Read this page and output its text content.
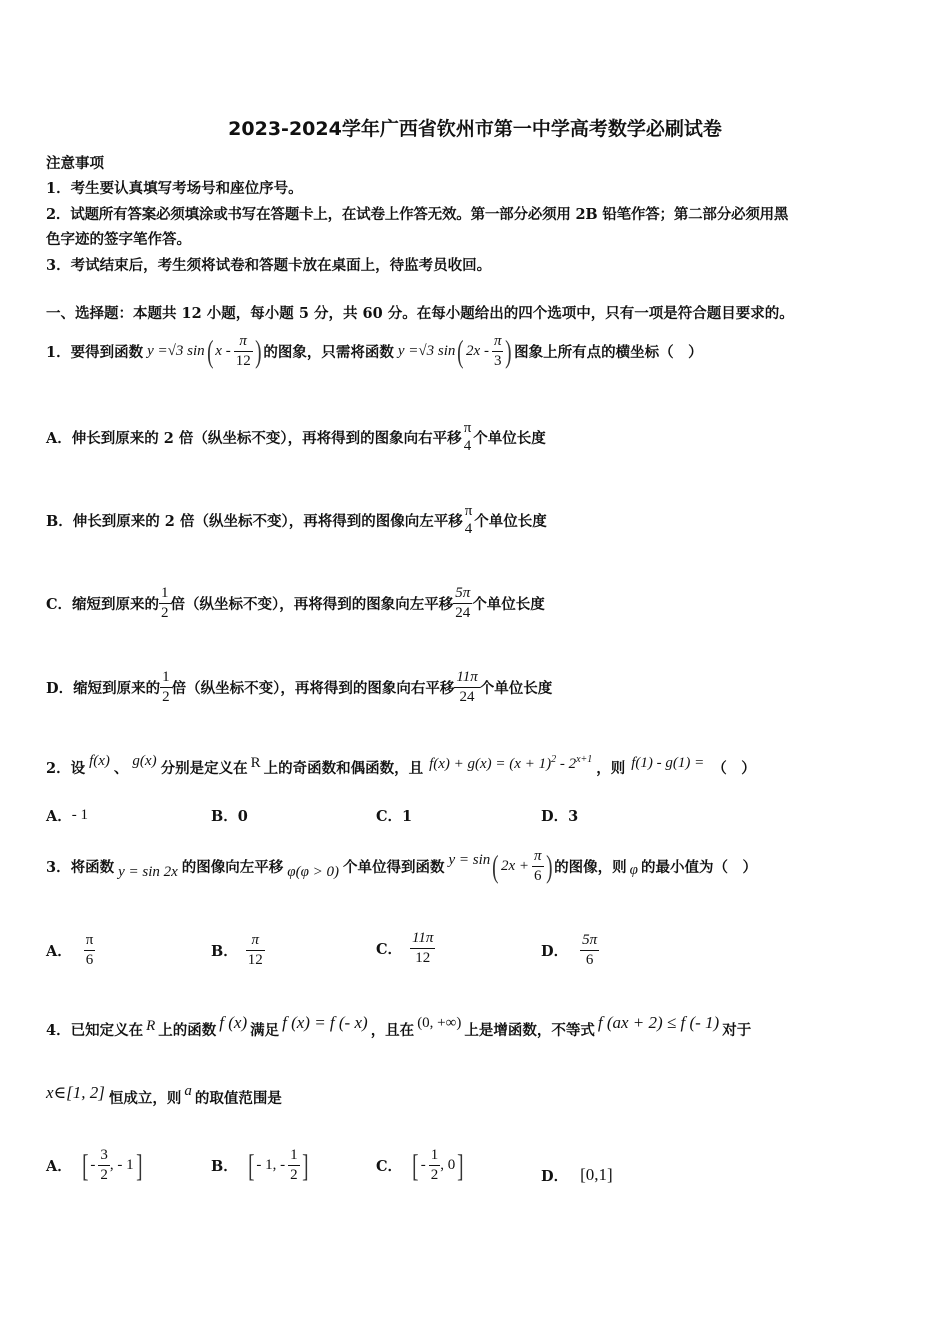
2023-2024学年广西省钦州市第一中学高考数学必刷试卷
注意事项
1．考生要认真填写考场号和座位序号。
2．试题所有答案必须填涂或书写在答题卡上，在试卷上作答无效。第一部分必须用 2B 铅笔作答；第二部分必须用黑
色字迹的签字笔作答。
3．考试结束后，考生须将试卷和答题卡放在桌面上，待监考员收回。
一、选择题：本题共 12 小题，每小题 5 分，共 60 分。在每小题给出的四个选项中，只有一项是符合题目要求的。
1．要得到函数 y =√3 sin ( x - $\frac{\pi}{12}$ ) 的图象，只需将函数 y =√3 sin ( $2x - \frac{\pi}{3}$ ) 图象上所有点的横坐标（　）
A．伸长到原来的 2 倍（纵坐标不变），再将得到的图象向右平移
π
4 个单位长度
B．伸长到原来的 2 倍（纵坐标不变），再将得到的图像向左平移
π
4 个单位长度
C．缩短到原来的 $\frac{1}{2}$ 倍（纵坐标不变），再将得到的图象向左平移 $\frac{5\pi}{24}$ 个单位长度
D．缩短到原来的 $\frac{1}{2}$ 倍（纵坐标不变），再将得到的图象向右平移 $\frac{11\pi}{24}$ 个单位长度
2．设 f(x) 、 g(x) 分别是定义在 R 上的奇函数和偶函数，且 $f(x) + g(x) = (x + 1)^2 - 2^{x+1}$
，则 f(1) - g(1) = （　）
A． - 1	B．0	C．1	D．3
3．将函数 y = sin 2x 的图像向左平移 φ(φ > 0) 个单位得到函数 y = sin ( $2x + \frac{\pi}{6}$ ) 的图像，则 φ 的最小值为（　）
A． $\frac{\pi}{6}$	B． $\frac{\pi}{12}$	C． $\frac{11\pi}{12}$	D． $\frac{5\pi}{6}$
4．已知定义在 R 上的函数 f (x) 满足 f (x) = f (- x) ，且在 (0, +∞) 上是增函数，不等式 f (ax + 2) ≤ f (- 1) 对于
x∈[1, 2] 恒成立，则 a 的取值范围是
A． [ - $\frac{3}{2}$ , - 1 ]	B． [ - 1, - $\frac{1}{2}$ ]	C． [ - $\frac{1}{2}$ , 0 ]	D． [0,1]
